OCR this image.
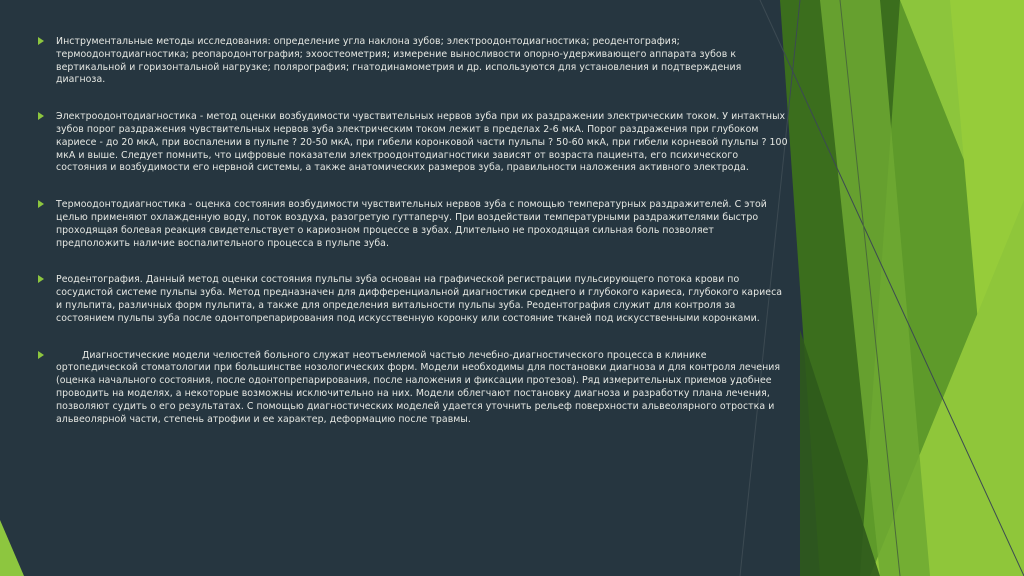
Инструментальные методы исследования: определение угла наклона зубов; электроодонтодиагностика; реодентография; термоодонтодиагностика; реопародонтография; эхоостеометрия; измерение выносливости опорно-удерживающего аппарата зубов к вертикальной и горизонтальной нагрузке; полярография; гнатодинамометрия и др. используются для установления и подтверждения диагноза.
Электроодонтодиагностика - метод оценки возбудимости чувствительных нервов зуба при их раздражении электрическим током. У интактных зубов порог раздражения чувствительных нервов зуба электрическим током лежит в пределах 2-6 мкА. Порог раздражения при глубоком кариесе - до 20 мкА, при воспалении в пульпе ? 20-50 мкА, при гибели коронковой части пульпы ? 50-60 мкА, при гибели корневой пульпы ? 100 мкА и выше. Следует помнить, что цифровые показатели электроодонтодиагностики зависят от возраста пациента, его психического состояния и возбудимости его нервной системы, а также анатомических размеров зуба, правильности наложения активного электрода.
Термоодонтодиагностика - оценка состояния возбудимости чувствительных нервов зуба с помощью температурных раздражителей. С этой целью применяют охлажденную воду, поток воздуха, разогретую гуттаперчу. При воздействии температурными раздражителями быстро проходящая болевая реакция свидетельствует о кариозном процессе в зубах. Длительно не проходящая сильная боль позволяет предположить наличие воспалительного процесса в пульпе зуба.
Реодентография. Данный метод оценки состояния пульпы зуба основан на графической регистрации пульсирующего потока крови по сосудистой системе пульпы зуба. Метод предназначен для дифференциальной диагностики среднего и глубокого кариеса, глубокого кариеса и пульпита, различных форм пульпита, а также для определения витальности пульпы зуба. Реодентография служит для контроля за состоянием пульпы зуба после одонтопрепарирования под искусственную коронку или состояние тканей под искусственными коронками.
Диагностические модели челюстей больного служат неотъемлемой частью лечебно-диагностического процесса в клинике ортопедической стоматологии при большинстве нозологических форм. Модели необходимы для постановки диагноза и для контроля лечения (оценка начального состояния, после одонтопрепарирования, после наложения и фиксации протезов). Ряд измерительных приемов удобнее проводить на моделях, а некоторые возможны исключительно на них. Модели облегчают постановку диагноза и разработку плана лечения, позволяют судить о его результатах. С помощью диагностических моделей удается уточнить рельеф поверхности альвеолярного отростка и альвеолярной части, степень атрофии и ее характер, деформацию после травмы.
